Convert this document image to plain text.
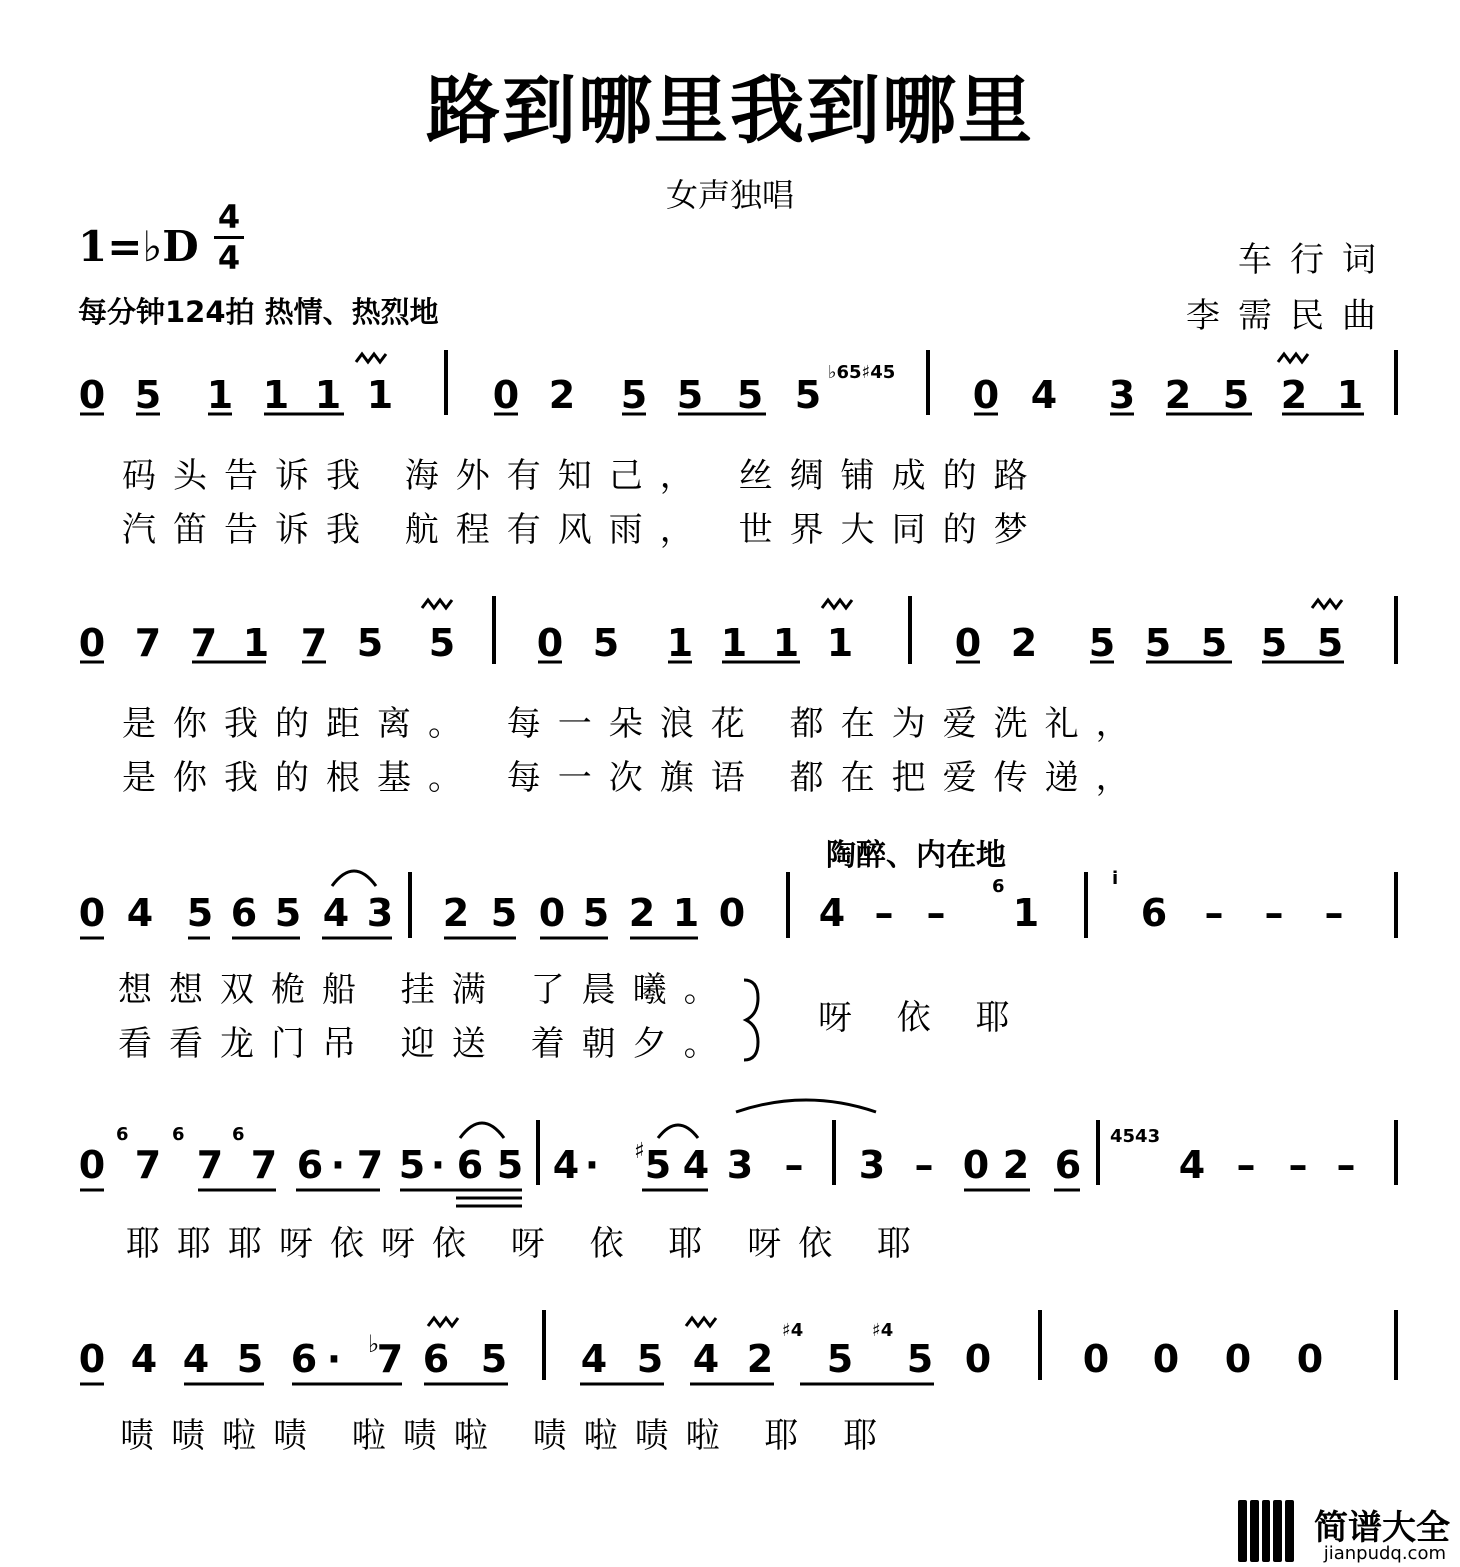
路到哪里我到哪里
女声独唱
1=♭D
4
4
每分钟124拍 热情、热烈地
车行词
李需民曲
陶醉、内在地
0 5 1 1 1 1	0 2 5 5 5 5	0 4 3 2 5 2 1
0 7 7 1 7 5 5 0 5 1 1 1 1	0 2 5 5 5 5 5
0 4 5 6 5 4 3 2 5 0 5 2 1 0 4 – – 1	6 – – –
0 7 7 7 6 · 7 5 · 6 5 4 · 5 4 3 – 3 – 0 2 6	4 – – –
0 4 4 5 6 · 7 6 5 4 5 4 2 5 5 0 0 0 0 0
♭65♯45
6	i
6 6	6	4543
♯4	♯4
♭
♯
码头告诉我 海外有知己， 丝绸铺成的路
汽笛告诉我 航程有风雨， 世界大同的梦
是你我的距离。 每一朵浪花 都在为爱洗礼，
是你我的根基。 每一次旗语 都在把爱传递，
想想双桅船 挂满 了晨曦。
看看龙门吊 迎送 着朝夕。
呀 依 耶
耶耶耶呀依呀依 呀 依 耶 呀依 耶
啧啧啦啧 啦啧啦 啧啦啧啦 耶 耶
简谱大全
jianpudq.com
